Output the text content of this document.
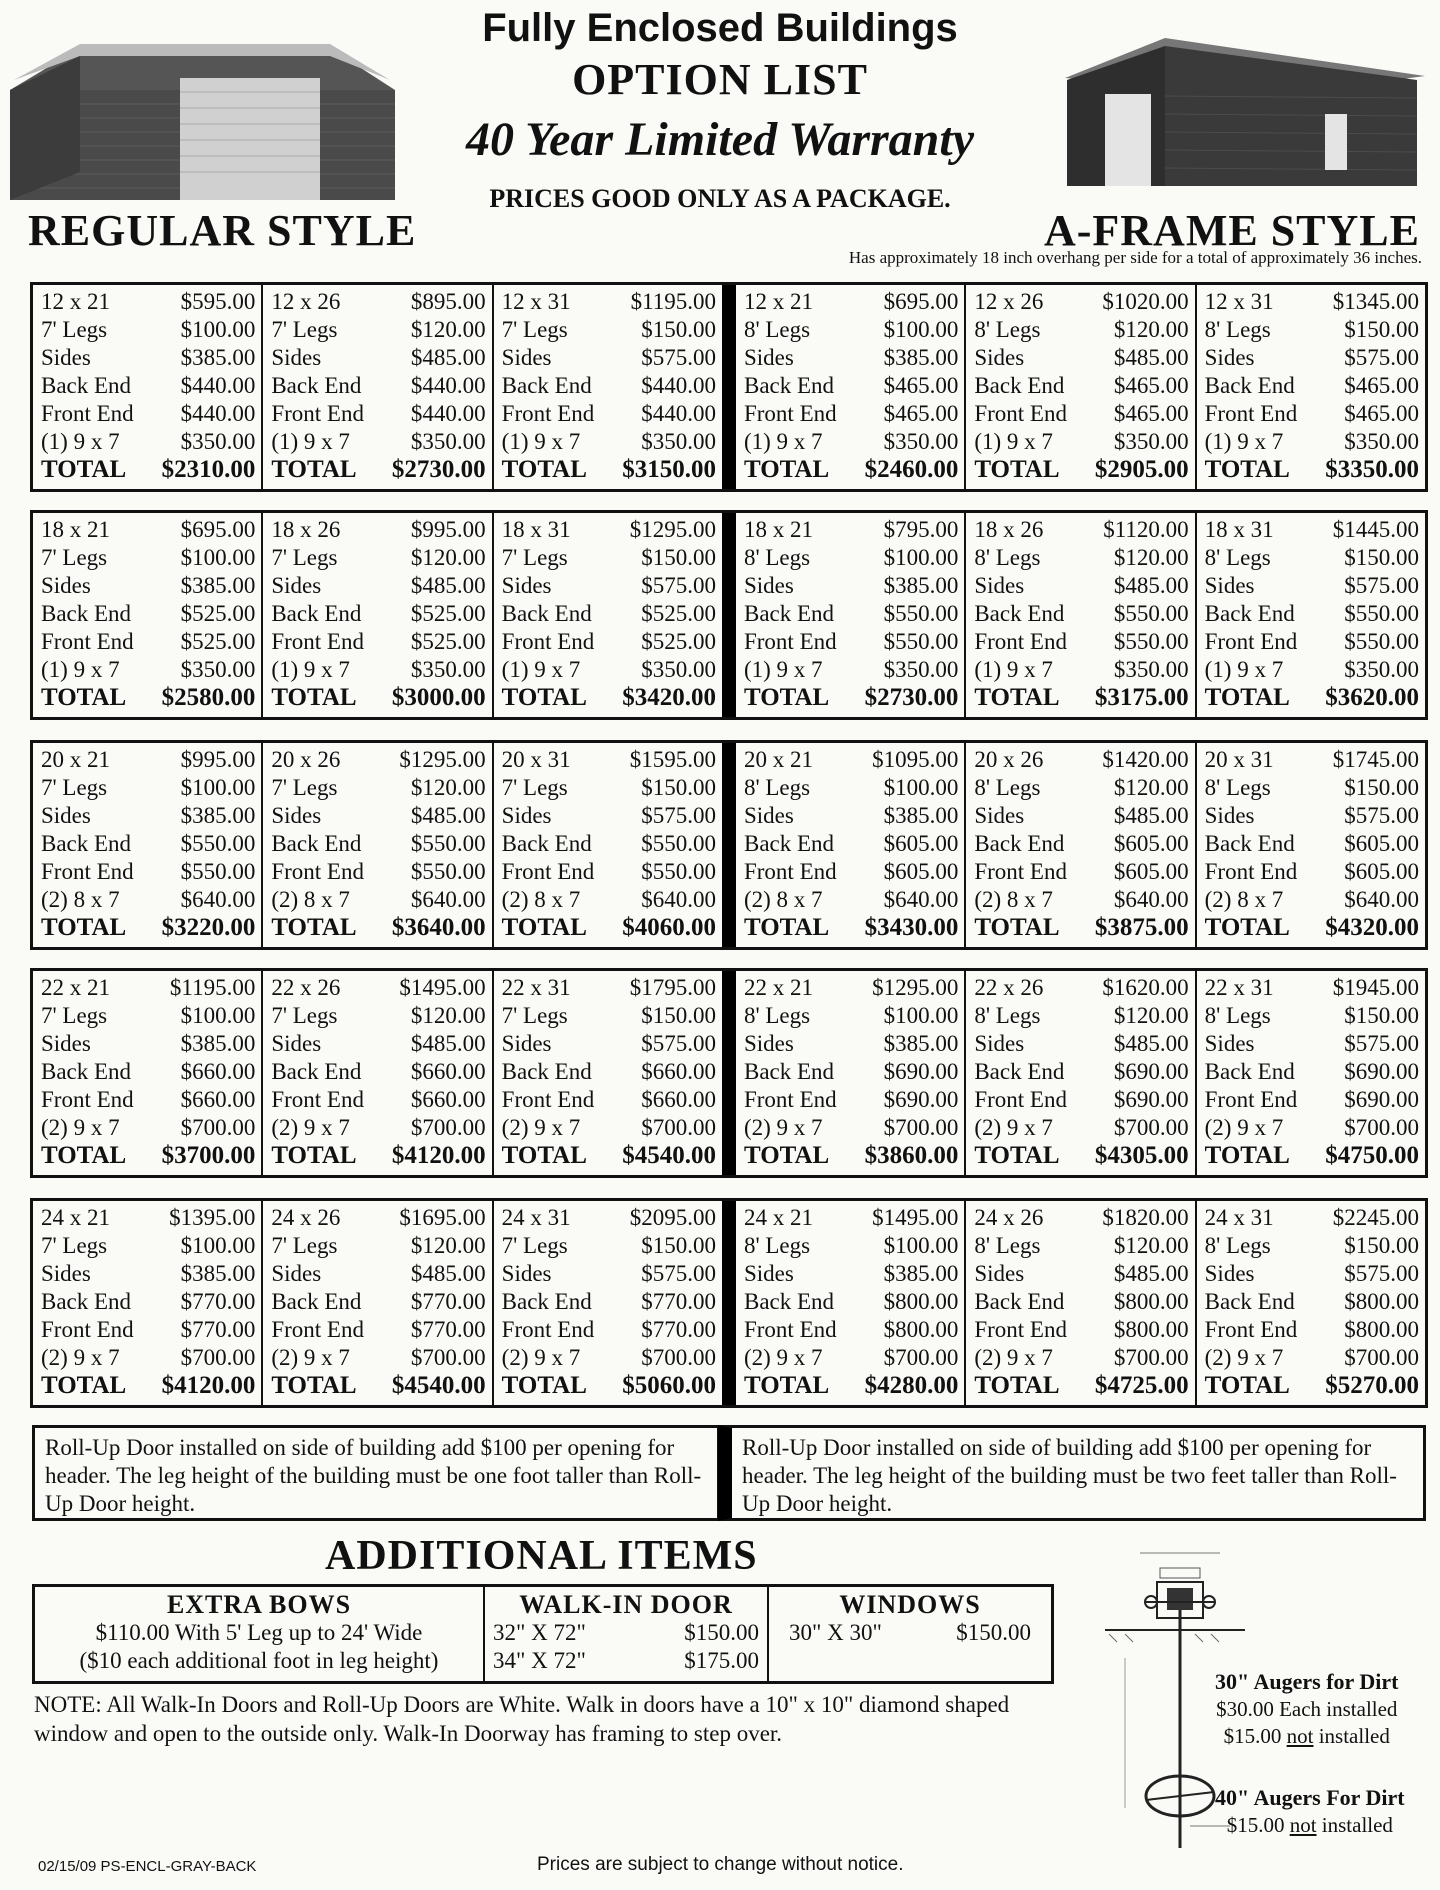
Fully Enclosed Buildings
OPTION LIST
40 Year Limited Warranty
PRICES GOOD ONLY AS A PACKAGE.
REGULAR STYLE	A-FRAME STYLE
Has approximately 18 inch overhang per side for a total of approximately 36 inches.
12 x 21	$595.00
7' Legs	$100.00
Sides	$385.00
Back End $440.00
Front End $440.00
(1) 9 x 7	$350.00
TOTAL $2310.00
12 x 26	$895.00
7' Legs	$120.00
Sides	$485.00
Back End $440.00
Front End $440.00
(1) 9 x 7	$350.00
TOTAL $2730.00
12 x 31	$1195.00
7' Legs	$150.00
Sides	$575.00
Back End $440.00
Front End $440.00
(1) 9 x 7	$350.00
TOTAL $3150.00
12 x 21	$695.00
8' Legs	$100.00
Sides	$385.00
Back End $465.00
Front End $465.00
(1) 9 x 7	$350.00
TOTAL $2460.00
12 x 26	$1020.00
8' Legs	$120.00
Sides	$485.00
Back End $465.00
Front End $465.00
(1) 9 x 7	$350.00
TOTAL $2905.00
12 x 31	$1345.00
8' Legs	$150.00
Sides	$575.00
Back End $465.00
Front End $465.00
(1) 9 x 7	$350.00
TOTAL $3350.00
18 x 21	$695.00
7' Legs	$100.00
Sides	$385.00
Back End $525.00
Front End $525.00
(1) 9 x 7	$350.00
TOTAL $2580.00
18 x 26	$995.00
7' Legs	$120.00
Sides	$485.00
Back End $525.00
Front End $525.00
(1) 9 x 7	$350.00
TOTAL $3000.00
18 x 31	$1295.00
7' Legs	$150.00
Sides	$575.00
Back End $525.00
Front End $525.00
(1) 9 x 7	$350.00
TOTAL $3420.00
18 x 21	$795.00
8' Legs	$100.00
Sides	$385.00
Back End $550.00
Front End $550.00
(1) 9 x 7	$350.00
TOTAL $2730.00
18 x 26	$1120.00
8' Legs	$120.00
Sides	$485.00
Back End $550.00
Front End $550.00
(1) 9 x 7	$350.00
TOTAL $3175.00
18 x 31	$1445.00
8' Legs	$150.00
Sides	$575.00
Back End $550.00
Front End $550.00
(1) 9 x 7	$350.00
TOTAL $3620.00
20 x 21	$995.00
7' Legs	$100.00
Sides	$385.00
Back End $550.00
Front End $550.00
(2) 8 x 7	$640.00
TOTAL $3220.00
20 x 26	$1295.00
7' Legs	$120.00
Sides	$485.00
Back End $550.00
Front End $550.00
(2) 8 x 7	$640.00
TOTAL $3640.00
20 x 31	$1595.00
7' Legs	$150.00
Sides	$575.00
Back End $550.00
Front End $550.00
(2) 8 x 7	$640.00
TOTAL $4060.00
20 x 21	$1095.00
8' Legs	$100.00
Sides	$385.00
Back End $605.00
Front End $605.00
(2) 8 x 7	$640.00
TOTAL $3430.00
20 x 26	$1420.00
8' Legs	$120.00
Sides	$485.00
Back End $605.00
Front End $605.00
(2) 8 x 7	$640.00
TOTAL $3875.00
20 x 31	$1745.00
8' Legs	$150.00
Sides	$575.00
Back End $605.00
Front End $605.00
(2) 8 x 7	$640.00
TOTAL $4320.00
22 x 21	$1195.00
7' Legs	$100.00
Sides	$385.00
Back End $660.00
Front End $660.00
(2) 9 x 7	$700.00
TOTAL $3700.00
22 x 26	$1495.00
7' Legs	$120.00
Sides	$485.00
Back End $660.00
Front End $660.00
(2) 9 x 7	$700.00
TOTAL $4120.00
22 x 31	$1795.00
7' Legs	$150.00
Sides	$575.00
Back End $660.00
Front End $660.00
(2) 9 x 7	$700.00
TOTAL $4540.00
22 x 21	$1295.00
8' Legs	$100.00
Sides	$385.00
Back End $690.00
Front End $690.00
(2) 9 x 7	$700.00
TOTAL $3860.00
22 x 26	$1620.00
8' Legs	$120.00
Sides	$485.00
Back End $690.00
Front End $690.00
(2) 9 x 7	$700.00
TOTAL $4305.00
22 x 31	$1945.00
8' Legs	$150.00
Sides	$575.00
Back End $690.00
Front End $690.00
(2) 9 x 7	$700.00
TOTAL $4750.00
24 x 21	$1395.00
7' Legs	$100.00
Sides	$385.00
Back End $770.00
Front End $770.00
(2) 9 x 7	$700.00
TOTAL $4120.00
24 x 26	$1695.00
7' Legs	$120.00
Sides	$485.00
Back End $770.00
Front End $770.00
(2) 9 x 7	$700.00
TOTAL $4540.00
24 x 31	$2095.00
7' Legs	$150.00
Sides	$575.00
Back End $770.00
Front End $770.00
(2) 9 x 7	$700.00
TOTAL $5060.00
24 x 21	$1495.00
8' Legs	$100.00
Sides	$385.00
Back End $800.00
Front End $800.00
(2) 9 x 7	$700.00
TOTAL $4280.00
24 x 26	$1820.00
8' Legs	$120.00
Sides	$485.00
Back End $800.00
Front End $800.00
(2) 9 x 7	$700.00
TOTAL $4725.00
24 x 31	$2245.00
8' Legs	$150.00
Sides	$575.00
Back End $800.00
Front End $800.00
(2) 9 x 7	$700.00
TOTAL $5270.00
Roll-Up Door installed on side of building add $100 per opening for header. The leg height of the building must be one foot taller than Roll-Up Door height.
Roll-Up Door installed on side of building add $100 per opening for header. The leg height of the building must be two feet taller than Roll-Up Door height.
ADDITIONAL ITEMS
EXTRA BOWS
$110.00 With 5' Leg up to 24' Wide
($10 each additional foot in leg height)
WALK-IN DOOR
32" X 72"	$150.00
34" X 72"	$175.00
WINDOWS
30" X 30"	$150.00
NOTE: All Walk-In Doors and Roll-Up Doors are White. Walk in doors have a 10" x 10" diamond shaped window and open to the outside only. Walk-In Doorway has framing to step over.
30" Augers for Dirt
$30.00 Each installed
$15.00 not installed
40" Augers For Dirt
$15.00 not installed
02/15/09 PS-ENCL-GRAY-BACK	Prices are subject to change without notice.
